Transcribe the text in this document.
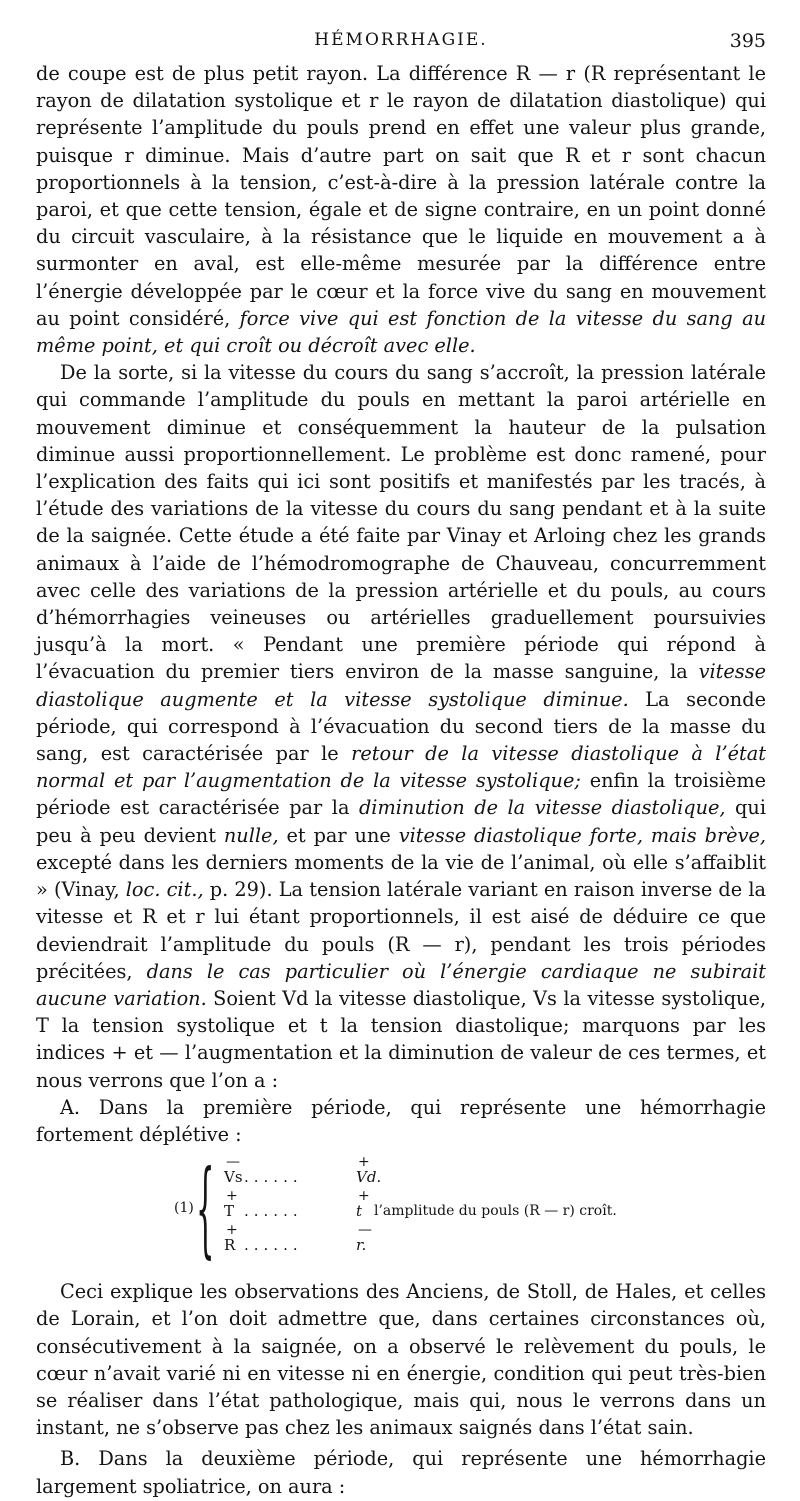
HÉMORRHAGIE.	395

de coupe est de plus petit rayon. La différence R — r (R représentant le rayon de dilatation systolique et r le rayon de dilatation diastolique) qui représente l’amplitude du pouls prend en effet une valeur plus grande, puisque r diminue. Mais d’autre part on sait que R et r sont chacun proportionnels à la tension, c’est-à-dire à la pression latérale contre la paroi, et que cette tension, égale et de signe contraire, en un point donné du circuit vasculaire, à la résistance que le liquide en mouvement a à surmonter en aval, est elle-même mesurée par la différence entre l’énergie développée par le cœur et la force vive du sang en mouvement au point considéré, force vive qui est fonction de la vitesse du sang au même point, et qui croît ou décroît avec elle.

De la sorte, si la vitesse du cours du sang s’accroît, la pression latérale qui commande l’amplitude du pouls en mettant la paroi artérielle en mouvement diminue et conséquemment la hauteur de la pulsation diminue aussi proportionnellement. Le problème est donc ramené, pour l’explication des faits qui ici sont positifs et manifestés par les tracés, à l’étude des variations de la vitesse du cours du sang pendant et à la suite de la saignée. Cette étude a été faite par Vinay et Arloing chez les grands animaux à l’aide de l’hémodromographe de Chauveau, concurremment avec celle des variations de la pression artérielle et du pouls, au cours d’hémorrhagies veineuses ou artérielles graduellement poursuivies jusqu’à la mort. « Pendant une première période qui répond à l’évacuation du premier tiers environ de la masse sanguine, la vitesse diastolique augmente et la vitesse systolique diminue. La seconde période, qui correspond à l’évacuation du second tiers de la masse du sang, est caractérisée par le retour de la vitesse diastolique à l’état normal et par l’augmentation de la vitesse systolique; enfin la troisième période est caractérisée par la diminution de la vitesse diastolique, qui peu à peu devient nulle, et par une vitesse diastolique forte, mais brève, excepté dans les derniers moments de la vie de l’animal, où elle s’affaiblit » (Vinay, loc. cit., p. 29). La tension latérale variant en raison inverse de la vitesse et R et r lui étant proportionnels, il est aisé de déduire ce que deviendrait l’amplitude du pouls (R — r), pendant les trois périodes précitées, dans le cas particulier où l’énergie cardiaque ne subirait aucune variation. Soient Vd la vitesse diastolique, Vs la vitesse systolique, T la tension systolique et t la tension diastolique; marquons par les indices + et — l’augmentation et la diminution de valeur de ces termes, et nous verrons que l’on a :

A. Dans la première période, qui représente une hémorrhagie fortement déplétive :

(1) { —
Vs ......
+
Vd.
+
T ......
+
t l’amplitude du pouls (R — r) croît.
+
R ......
—
r.

Ceci explique les observations des Anciens, de Stoll, de Hales, et celles de Lorain, et l’on doit admettre que, dans certaines circonstances où, consécutivement à la saignée, on a observé le relèvement du pouls, le cœur n’avait varié ni en vitesse ni en énergie, condition qui peut très-bien se réaliser dans l’état pathologique, mais qui, nous le verrons dans un instant, ne s’observe pas chez les animaux saignés dans l’état sain.

B. Dans la deuxième période, qui représente une hémorrhagie largement spoliatrice, on aura :
